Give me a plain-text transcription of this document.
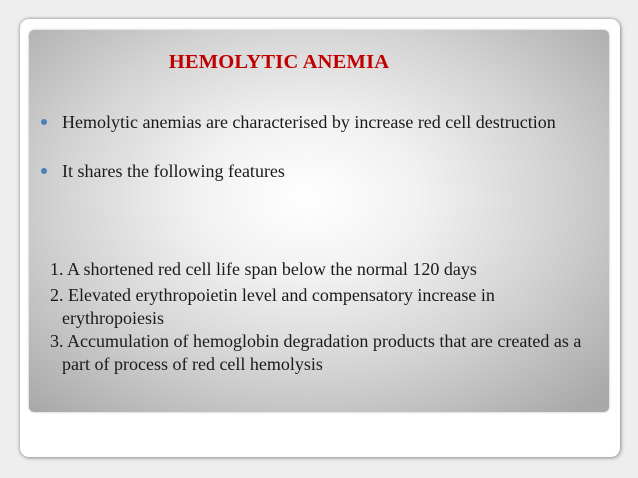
HEMOLYTIC ANEMIA
Hemolytic anemias are characterised by increase red cell destruction
It shares the following features
1. A shortened red cell life span below the normal 120 days
2. Elevated erythropoietin level and compensatory increase in erythropoiesis
3. Accumulation of hemoglobin degradation products that are created as a part of process of red cell hemolysis
